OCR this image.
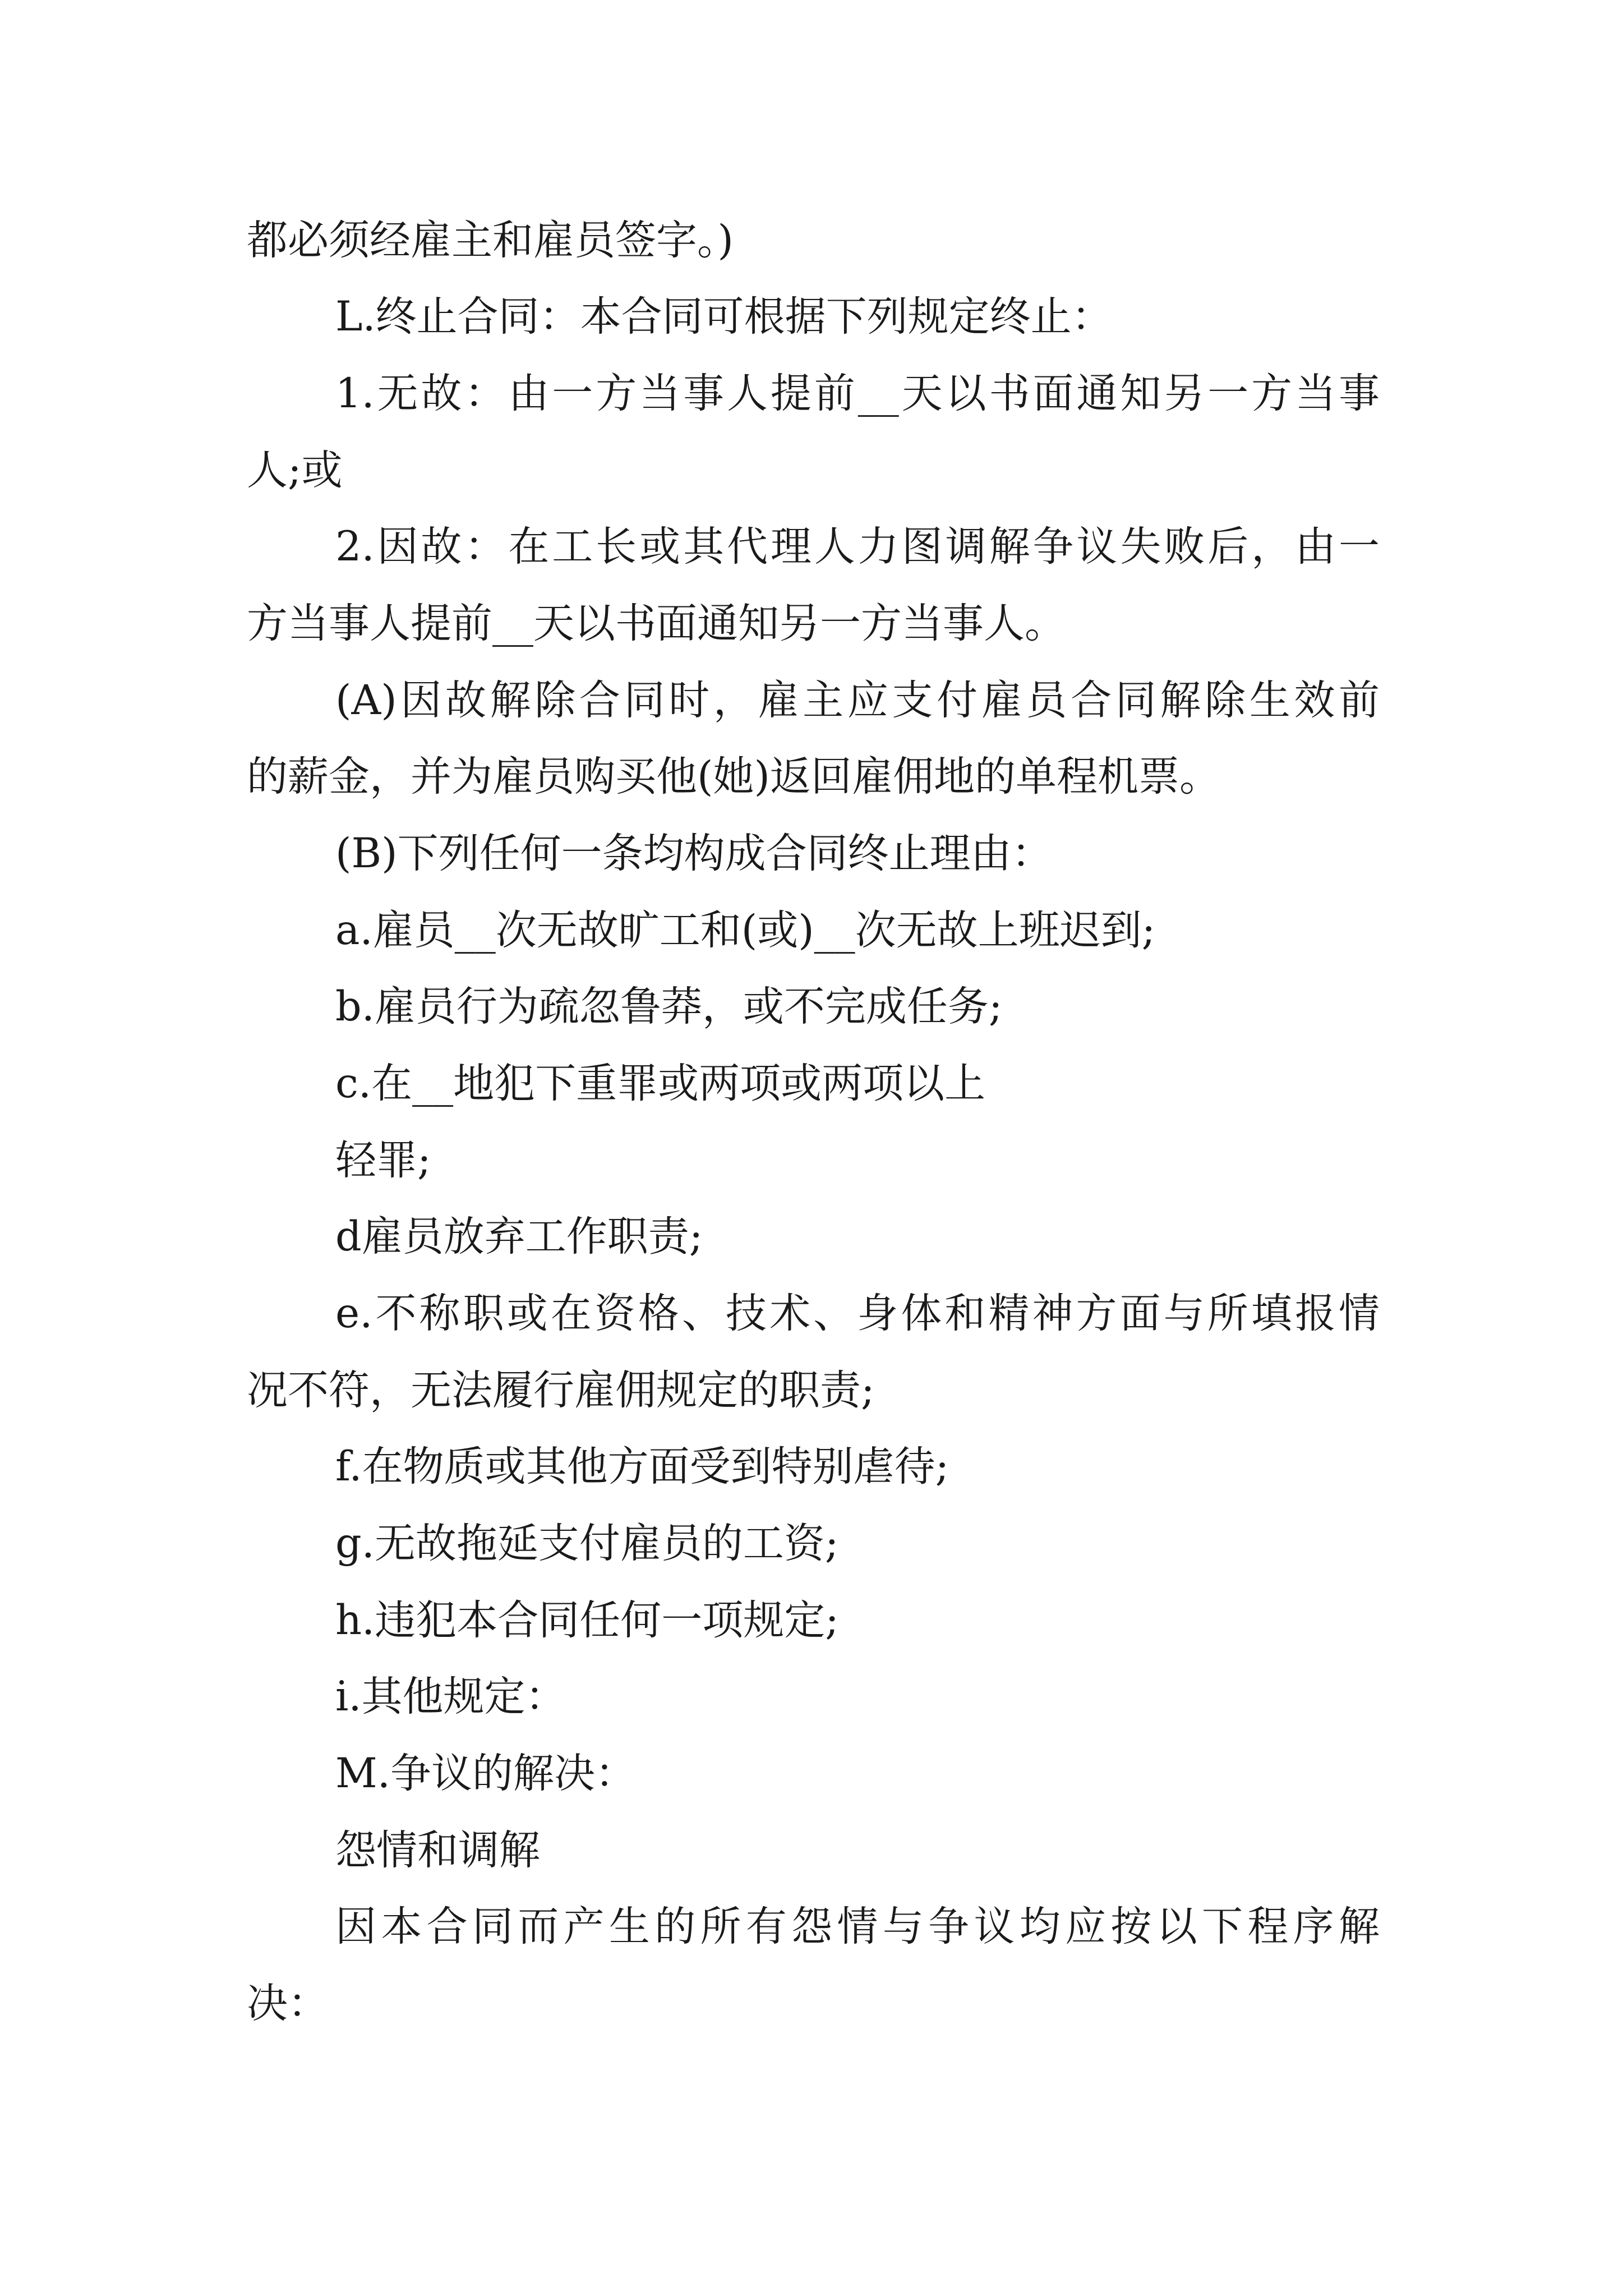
都必须经雇主和雇员签字。)

L.终止合同：本合同可根据下列规定终止：

1.无故：由一方当事人提前__天以书面通知另一方当事

人;或

2.因故：在工长或其代理人力图调解争议失败后，由一

方当事人提前__天以书面通知另一方当事人。

(A)因故解除合同时，雇主应支付雇员合同解除生效前

的薪金，并为雇员购买他(她)返回雇佣地的单程机票。

(B)下列任何一条均构成合同终止理由：

a.雇员__次无故旷工和(或)__次无故上班迟到;

b.雇员行为疏忽鲁莽，或不完成任务;

c.在__地犯下重罪或两项或两项以上

轻罪;

d雇员放弃工作职责;

e.不称职或在资格、技术、身体和精神方面与所填报情

况不符，无法履行雇佣规定的职责;

f.在物质或其他方面受到特别虐待;

g.无故拖延支付雇员的工资;

h.违犯本合同任何一项规定;

i.其他规定：

M.争议的解决：

怨情和调解

因本合同而产生的所有怨情与争议均应按以下程序解

决：
